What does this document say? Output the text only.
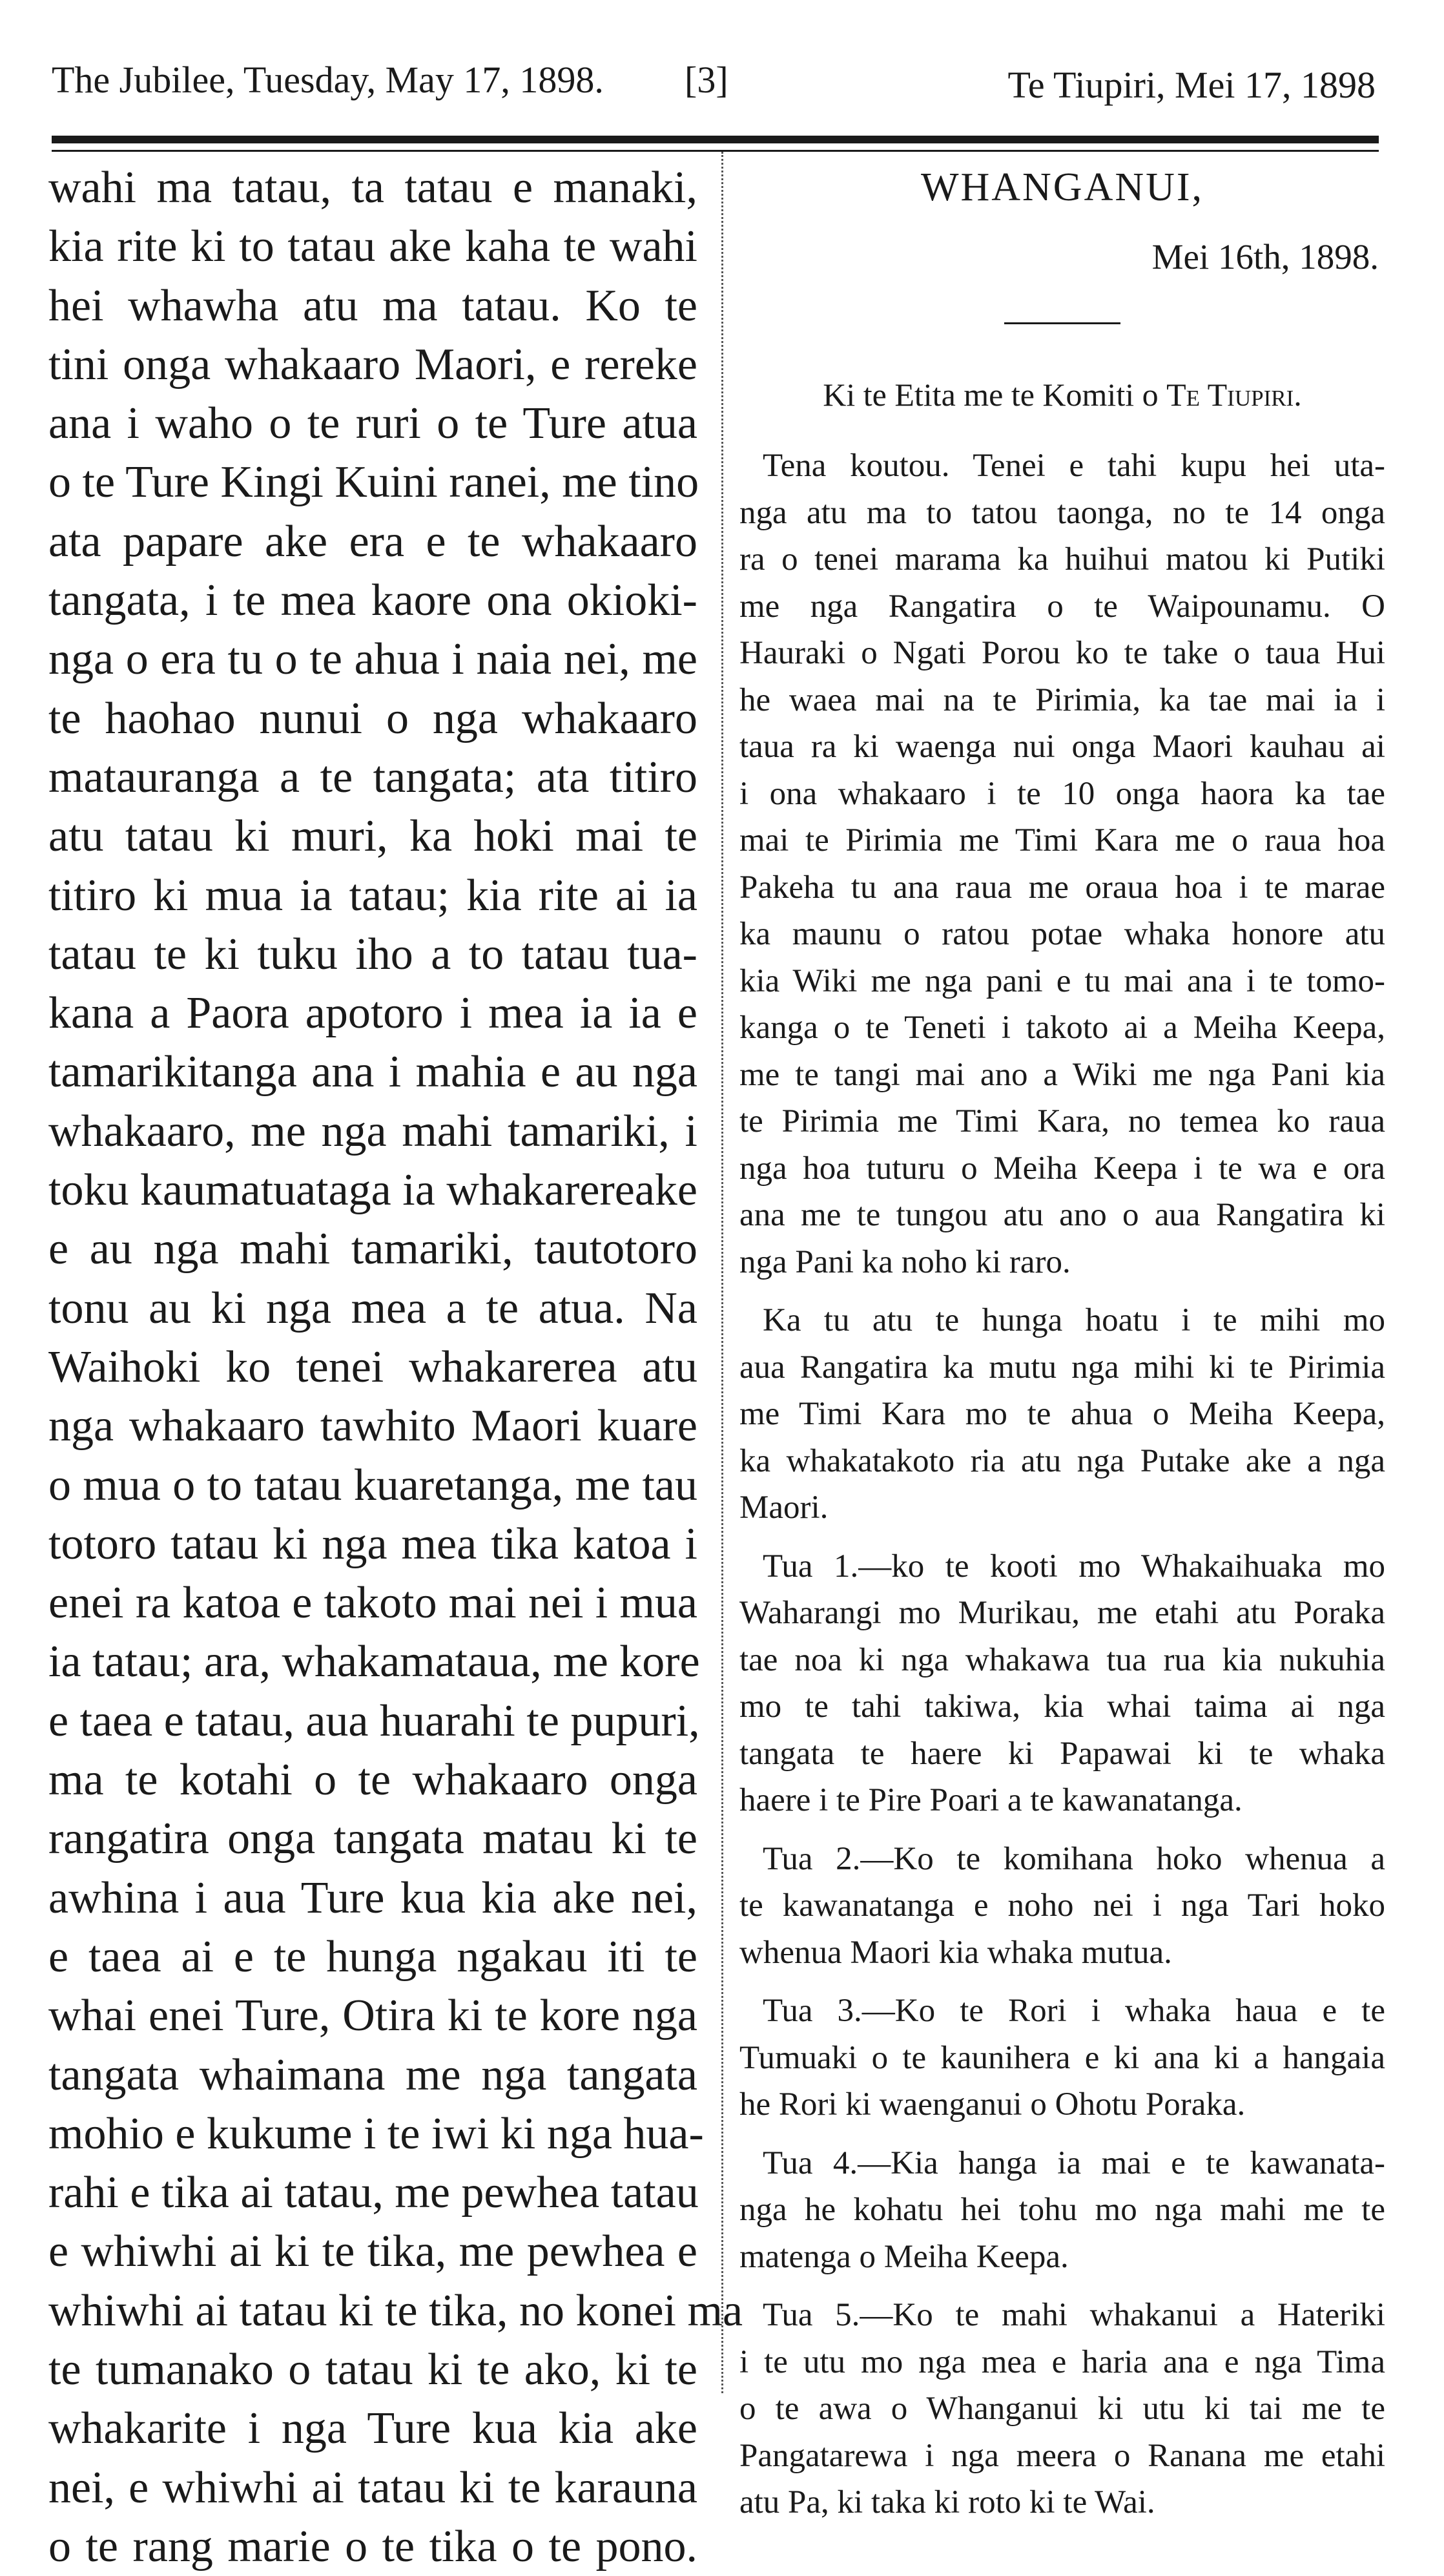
The Jubilee, Tuesday, May 17, 1898. [3]	Te Tiupiri, Mei 17, 1898
wahi ma tatau, ta tatau e manaki,
kia rite ki to tatau ake kaha te wahi
hei whawha atu ma tatau. Ko te
tini onga whakaaro Maori, e rereke
ana i waho o te ruri o te Ture atua
o te Ture Kingi Kuini ranei, me tino
ata papare ake era e te whakaaro
tangata, i te mea kaore ona okioki-
nga o era tu o te ahua i naia nei, me
te haohao nunui o nga whakaaro
matauranga a te tangata; ata titiro
atu tatau ki muri, ka hoki mai te
titiro ki mua ia tatau; kia rite ai ia
tatau te ki tuku iho a to tatau tua-
kana a Paora apotoro i mea ia ia e
tamarikitanga ana i mahia e au nga
whakaaro, me nga mahi tamariki, i
toku kaumatuataga ia whakarereake
e au nga mahi tamariki, tautotoro
tonu au ki nga mea a te atua. Na
Waihoki ko tenei whakarerea atu
nga whakaaro tawhito Maori kuare
o mua o to tatau kuaretanga, me tau
totoro tatau ki nga mea tika katoa i
enei ra katoa e takoto mai nei i mua
ia tatau; ara, whakamataua, me kore
e taea e tatau, aua huarahi te pupuri,
ma te kotahi o te whakaaro onga
rangatira onga tangata matau ki te
awhina i aua Ture kua kia ake nei,
e taea ai e te hunga ngakau iti te
whai enei Ture, Otira ki te kore nga
tangata whaimana me nga tangata
mohio e kukume i te iwi ki nga hua-
rahi e tika ai tatau, me pewhea tatau
e whiwhi ai ki te tika, me pewhea e
whiwhi ai tatau ki te tika, no konei ma
te tumanako o tatau ki te ako, ki te
whakarite i nga Ture kua kia ake
nei, e whiwhi ai tatau ki te karauna
o te rang marie o te tika o te pono.
WHANGANUI,
Mei 16th, 1898.
Ki te Etita me te Komiti o Te Tiupiri.
Tena koutou. Tenei e tahi kupu hei uta-
nga atu ma to tatou taonga, no te 14 onga
ra o tenei marama ka huihui matou ki Putiki
me nga Rangatira o te Waipounamu. O
Hauraki o Ngati Porou ko te take o taua Hui
he waea mai na te Pirimia, ka tae mai ia i
taua ra ki waenga nui onga Maori kauhau ai
i ona whakaaro i te 10 onga haora ka tae
mai te Pirimia me Timi Kara me o raua hoa
Pakeha tu ana raua me oraua hoa i te marae
ka maunu o ratou potae whaka honore atu
kia Wiki me nga pani e tu mai ana i te tomo-
kanga o te Teneti i takoto ai a Meiha Keepa,
me te tangi mai ano a Wiki me nga Pani kia
te Pirimia me Timi Kara, no temea ko raua
nga hoa tuturu o Meiha Keepa i te wa e ora
ana me te tungou atu ano o aua Rangatira ki
nga Pani ka noho ki raro.
Ka tu atu te hunga hoatu i te mihi mo
aua Rangatira ka mutu nga mihi ki te Pirimia
me Timi Kara mo te ahua o Meiha Keepa,
ka whakatakoto ria atu nga Putake ake a nga
Maori.
Tua 1.—ko te kooti mo Whakaihuaka mo
Waharangi mo Murikau, me etahi atu Poraka
tae noa ki nga whakawa tua rua kia nukuhia
mo te tahi takiwa, kia whai taima ai nga
tangata te haere ki Papawai ki te whaka
haere i te Pire Poari a te kawanatanga.
Tua 2.—Ko te komihana hoko whenua a
te kawanatanga e noho nei i nga Tari hoko
whenua Maori kia whaka mutua.
Tua 3.—Ko te Rori i whaka haua e te
Tumuaki o te kaunihera e ki ana ki a hangaia
he Rori ki waenganui o Ohotu Poraka.
Tua 4.—Kia hanga ia mai e te kawanata-
nga he kohatu hei tohu mo nga mahi me te
matenga o Meiha Keepa.
Tua 5.—Ko te mahi whakanui a Hateriki
i te utu mo nga mea e haria ana e nga Tima
o te awa o Whanganui ki utu ki tai me te
Pangatarewa i nga meera o Ranana me etahi
atu Pa, ki taka ki roto ki te Wai.
